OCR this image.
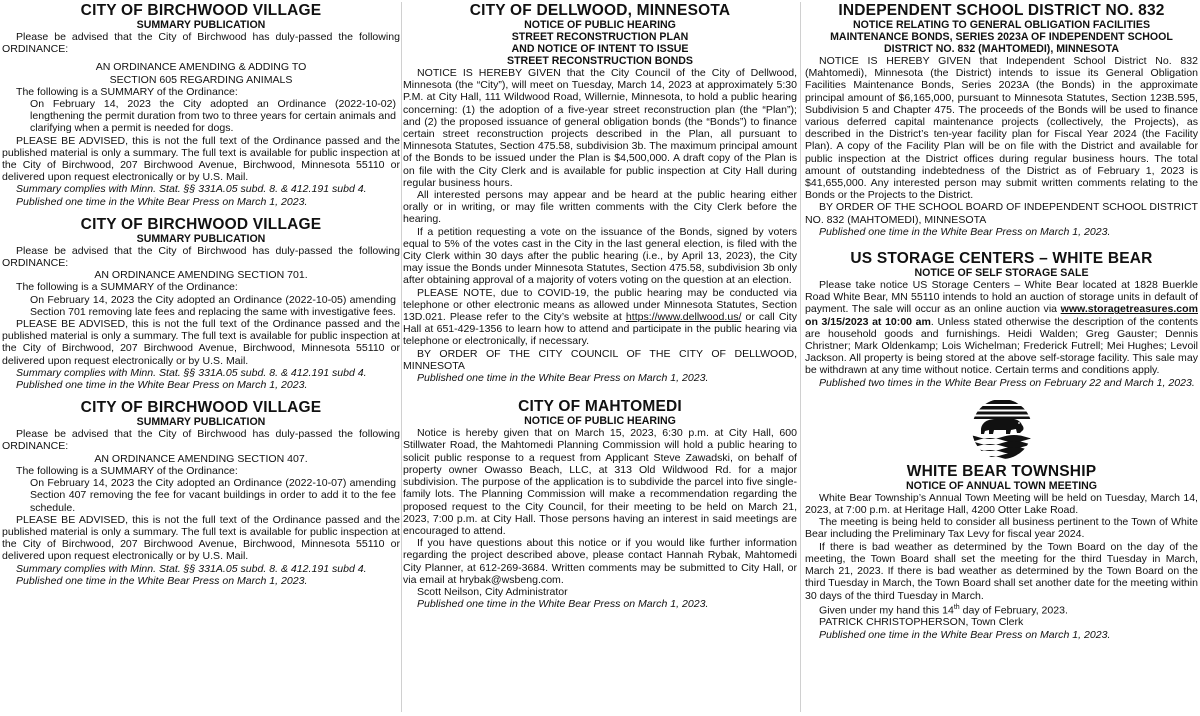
CITY OF BIRCHWOOD VILLAGE
SUMMARY PUBLICATION

Please be advised that the City of Birchwood has duly-passed the following ORDINANCE:

AN ORDINANCE AMENDING & ADDING TO

SECTION 605 REGARDING ANIMALS

The following is a SUMMARY of the Ordinance:

On February 14, 2023 the City adopted an Ordinance (2022-10-02) lengthening the permit duration from two to three years for certain animals and clarifying when a permit is needed for dogs.

PLEASE BE ADVISED, this is not the full text of the Ordinance passed and the published material is only a summary. The full text is available for public inspection at the City of Birchwood, 207 Birchwood Avenue, Birchwood, Minnesota 55110 or delivered upon request electronically or by U.S. Mail.

Summary complies with Minn. Stat. §§ 331A.05 subd. 8. & 412.191 subd 4.

Published one time in the White Bear Press on March 1, 2023.

CITY OF BIRCHWOOD VILLAGE
SUMMARY PUBLICATION

Please be advised that the City of Birchwood has duly-passed the following ORDINANCE:

AN ORDINANCE AMENDING SECTION 701.

The following is a SUMMARY of the Ordinance:

On February 14, 2023 the City adopted an Ordinance (2022-10-05) amending Section 701 removing late fees and replacing the same with investigative fees.

PLEASE BE ADVISED, this is not the full text of the Ordinance passed and the published material is only a summary. The full text is available for public inspection at the City of Birchwood, 207 Birchwood Avenue, Birchwood, Minnesota 55110 or delivered upon request electronically or by U.S. Mail.

Summary complies with Minn. Stat. §§ 331A.05 subd. 8. & 412.191 subd 4.

Published one time in the White Bear Press on March 1, 2023.

CITY OF BIRCHWOOD VILLAGE
SUMMARY PUBLICATION

Please be advised that the City of Birchwood has duly-passed the following ORDINANCE:

AN ORDINANCE AMENDING SECTION 407.

The following is a SUMMARY of the Ordinance:

On February 14, 2023 the City adopted an Ordinance (2022-10-07) amending Section 407 removing the fee for vacant buildings in order to add it to the fee schedule.

PLEASE BE ADVISED, this is not the full text of the Ordinance passed and the published material is only a summary. The full text is available for public inspection at the City of Birchwood, 207 Birchwood Avenue, Birchwood, Minnesota 55110 or delivered upon request electronically or by U.S. Mail.

Summary complies with Minn. Stat. §§ 331A.05 subd. 8. & 412.191 subd 4.

Published one time in the White Bear Press on March 1, 2023.

CITY OF DELLWOOD, MINNESOTA
NOTICE OF PUBLIC HEARING
STREET RECONSTRUCTION PLAN
AND NOTICE OF INTENT TO ISSUE
STREET RECONSTRUCTION BONDS

NOTICE IS HEREBY GIVEN that the City Council of the City of Dellwood, Minnesota (the “City”), will meet on Tuesday, March 14, 2023 at approximately 5:30 P.M. at City Hall, 111 Wildwood Road, Willernie, Minnesota, to hold a public hearing concerning: (1) the adoption of a five-year street reconstruction plan (the “Plan”); and (2) the proposed issuance of general obligation bonds (the “Bonds”) to finance certain street reconstruction projects described in the Plan, all pursuant to Minnesota Statutes, Section 475.58, subdivision 3b. The maximum principal amount of the Bonds to be issued under the Plan is $4,500,000. A draft copy of the Plan is on file with the City Clerk and is available for public inspection at City Hall during regular business hours.

All interested persons may appear and be heard at the public hearing either orally or in writing, or may file written comments with the City Clerk before the hearing.

If a petition requesting a vote on the issuance of the Bonds, signed by voters equal to 5% of the votes cast in the City in the last general election, is filed with the City Clerk within 30 days after the public hearing (i.e., by April 13, 2023), the City may issue the Bonds under Minnesota Statutes, Section 475.58, subdivision 3b only after obtaining approval of a majority of voters voting on the question at an election.

PLEASE NOTE, due to COVID-19, the public hearing may be conducted via telephone or other electronic means as allowed under Minnesota Statutes, Section 13D.021. Please refer to the City’s website at https://www.dellwood.us/ or call City Hall at 651-429-1356 to learn how to attend and participate in the public hearing via telephone or electronically, if necessary.

BY ORDER OF THE CITY COUNCIL OF THE CITY OF DELLWOOD, MINNESOTA

Published one time in the White Bear Press on March 1, 2023.

CITY OF MAHTOMEDI
NOTICE OF PUBLIC HEARING

Notice is hereby given that on March 15, 2023, 6:30 p.m. at City Hall, 600 Stillwater Road, the Mahtomedi Planning Commission will hold a public hearing to solicit public response to a request from Applicant Steve Zawadski, on behalf of property owner Owasso Beach, LLC, at 313 Old Wildwood Rd. for a major subdivision. The purpose of the application is to subdivide the parcel into five single-family lots. The Planning Commission will make a recommendation regarding the proposed request to the City Council, for their meeting to be held on March 21, 2023, 7:00 p.m. at City Hall. Those persons having an interest in said meetings are encouraged to attend.

If you have questions about this notice or if you would like further information regarding the project described above, please contact Hannah Rybak, Mahtomedi City Planner, at 612-269-3684. Written comments may be submitted to City Hall, or via email at hrybak@wsbeng.com.

Scott Neilson, City Administrator

Published one time in the White Bear Press on March 1, 2023.

INDEPENDENT SCHOOL DISTRICT NO. 832
NOTICE RELATING TO GENERAL OBLIGATION FACILITIES
MAINTENANCE BONDS, SERIES 2023A OF INDEPENDENT SCHOOL
DISTRICT NO. 832 (MAHTOMEDI), MINNESOTA

NOTICE IS HEREBY GIVEN that Independent School District No. 832 (Mahtomedi), Minnesota (the District) intends to issue its General Obligation Facilities Maintenance Bonds, Series 2023A (the Bonds) in the approximate principal amount of $6,165,000, pursuant to Minnesota Statutes, Section 123B.595, Subdivision 5 and Chapter 475. The proceeds of the Bonds will be used to finance various deferred capital maintenance projects (collectively, the Projects), as described in the District’s ten-year facility plan for Fiscal Year 2024 (the Facility Plan). A copy of the Facility Plan will be on file with the District and available for public inspection at the District offices during regular business hours. The total amount of outstanding indebtedness of the District as of February 1, 2023 is $41,655,000. Any interested person may submit written comments relating to the Bonds or the Projects to the District.

BY ORDER OF THE SCHOOL BOARD OF INDEPENDENT SCHOOL DISTRICT NO. 832 (MAHTOMEDI), MINNESOTA

Published one time in the White Bear Press on March 1, 2023.

US STORAGE CENTERS – WHITE BEAR
NOTICE OF SELF STORAGE SALE

Please take notice US Storage Centers – White Bear located at 1828 Buerkle Road White Bear, MN 55110 intends to hold an auction of storage units in default of payment. The sale will occur as an online auction via www.storagetreasures.com on 3/15/2023 at 10:00 am. Unless stated otherwise the description of the contents are household goods and furnishings. Heidi Walden; Greg Gauster; Dennis Christner; Mark Oldenkamp; Lois Wichelman; Frederick Futrell; Mei Hughes; Levoil Jackson. All property is being stored at the above self-storage facility. This sale may be withdrawn at any time without notice. Certain terms and conditions apply.

Published two times in the White Bear Press on February 22 and March 1, 2023.

WHITE BEAR TOWNSHIP
NOTICE OF ANNUAL TOWN MEETING

White Bear Township’s Annual Town Meeting will be held on Tuesday, March 14, 2023, at 7:00 p.m. at Heritage Hall, 4200 Otter Lake Road.

The meeting is being held to consider all business pertinent to the Town of White Bear including the Preliminary Tax Levy for fiscal year 2024.

If there is bad weather as determined by the Town Board on the day of the meeting, the Town Board shall set the meeting for the third Tuesday in March, March 21, 2023. If there is bad weather as determined by the Town Board on the third Tuesday in March, the Town Board shall set another date for the meeting within 30 days of the third Tuesday in March.

Given under my hand this 14th day of February, 2023.

PATRICK CHRISTOPHERSON, Town Clerk

Published one time in the White Bear Press on March 1, 2023.
